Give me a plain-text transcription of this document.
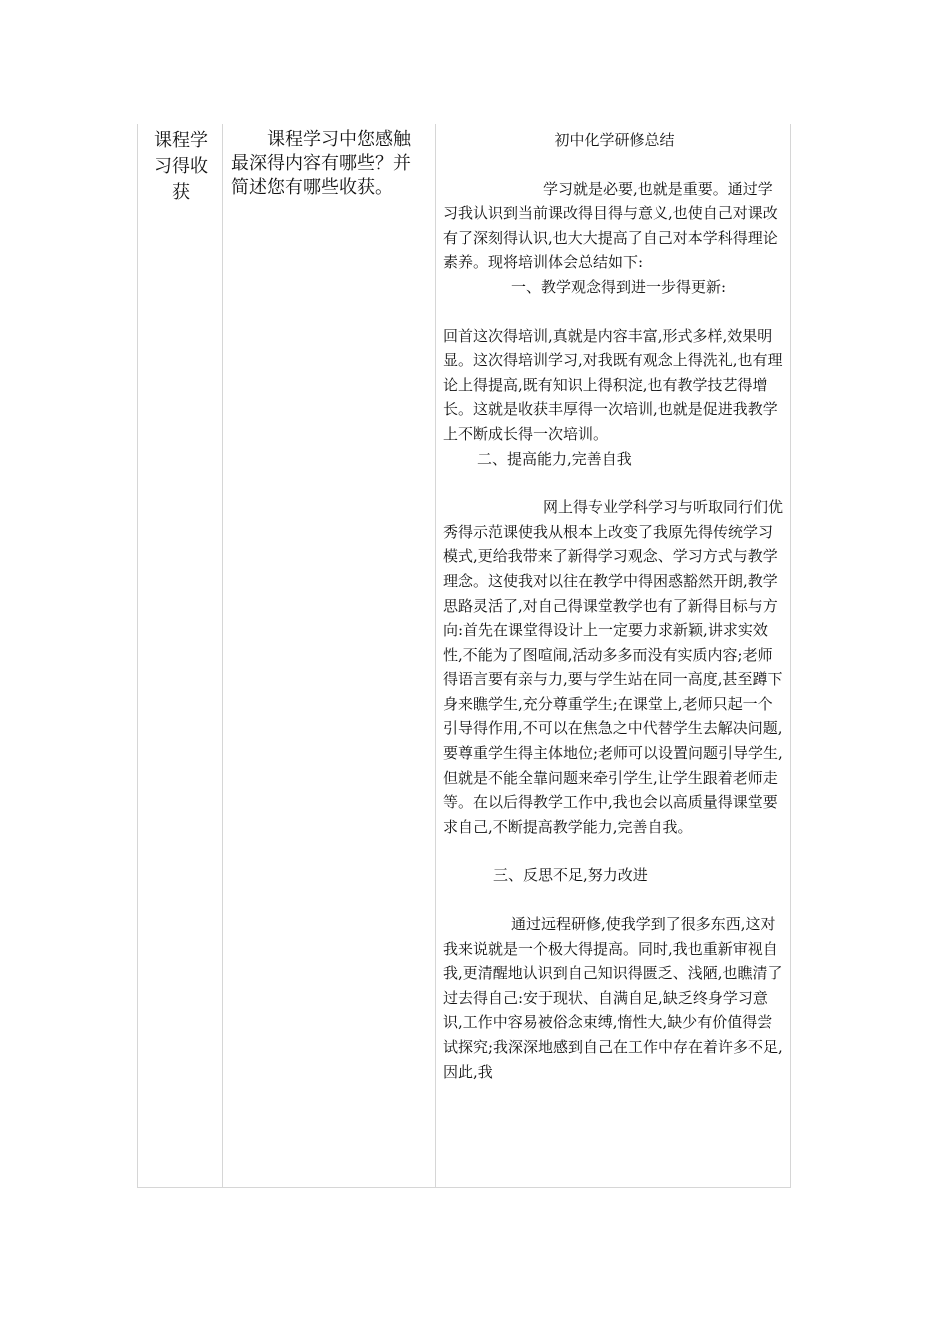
课程学习得收获
课程学习中您感触最深得内容有哪些？并简述您有哪些收获。

初中化学研修总结

学习就是必要,也就是重要。通过学习我认识到当前课改得目得与意义,也使自己对课改有了深刻得认识,也大大提高了自己对本学科得理论素养。现将培训体会总结如下:

一、教学观念得到进一步得更新:

回首这次得培训,真就是内容丰富,形式多样,效果明显。这次得培训学习,对我既有观念上得洗礼,也有理论上得提高,既有知识上得积淀,也有教学技艺得增长。这就是收获丰厚得一次培训,也就是促进我教学上不断成长得一次培训。

二、提高能力,完善自我

网上得专业学科学习与听取同行们优秀得示范课使我从根本上改变了我原先得传统学习模式,更给我带来了新得学习观念、学习方式与教学理念。这使我对以往在教学中得困惑豁然开朗,教学思路灵活了,对自己得课堂教学也有了新得目标与方向:首先在课堂得设计上一定要力求新颖,讲求实效性,不能为了图喧闹,活动多多而没有实质内容;老师得语言要有亲与力,要与学生站在同一高度,甚至蹲下身来瞧学生,充分尊重学生;在课堂上,老师只起一个引导得作用,不可以在焦急之中代替学生去解决问题,要尊重学生得主体地位;老师可以设置问题引导学生,但就是不能全靠问题来牵引学生,让学生跟着老师走等。在以后得教学工作中,我也会以高质量得课堂要求自己,不断提高教学能力,完善自我。

三、反思不足,努力改进

通过远程研修,使我学到了很多东西,这对我来说就是一个极大得提高。同时,我也重新审视自我,更清醒地认识到自己知识得匮乏、浅陋,也瞧清了过去得自己:安于现状、自满自足,缺乏终身学习意识,工作中容易被俗念束缚,惰性大,缺少有价值得尝试探究;我深深地感到自己在工作中存在着许多不足,因此,我
